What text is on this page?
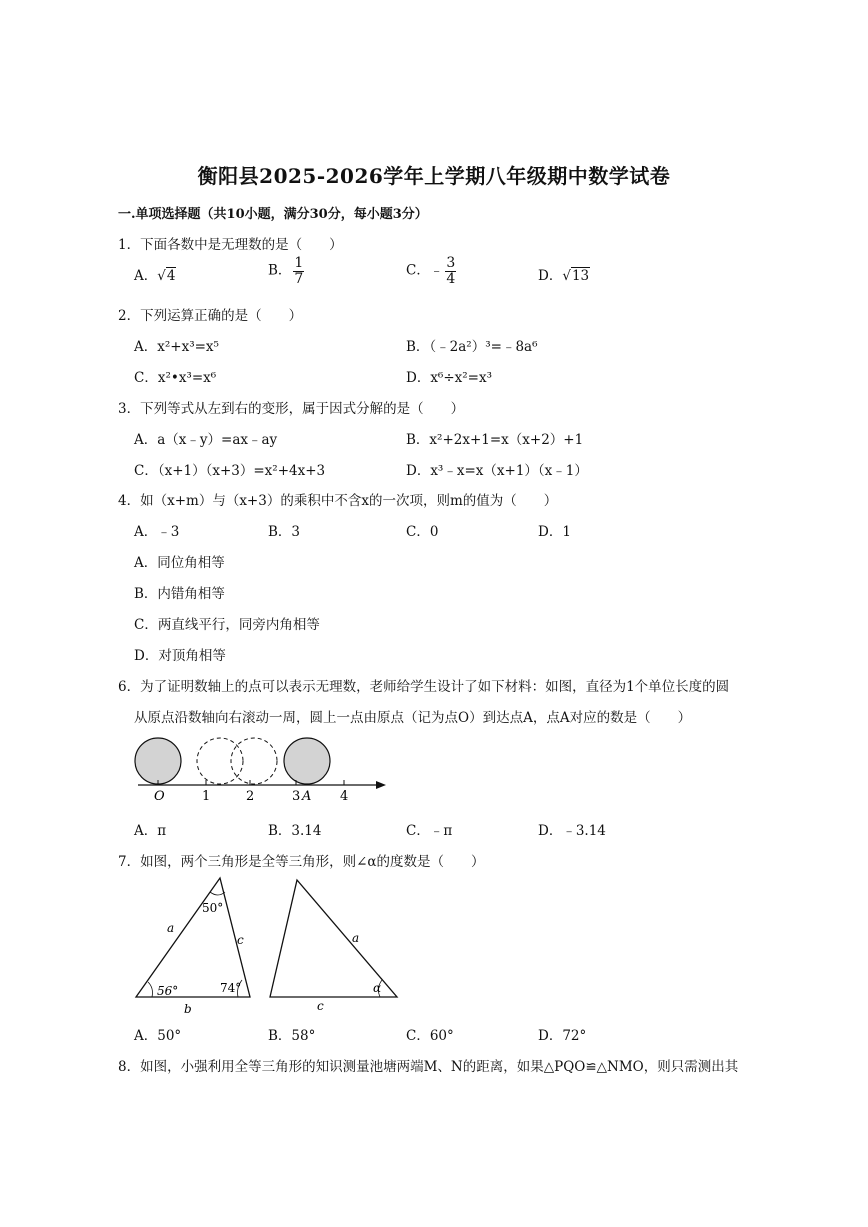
衡阳县2025-2026学年上学期八年级期中数学试卷
一.单项选择题（共10小题，满分30分，每小题3分）
1．下面各数中是无理数的是（　　）
A．√4	B． $\frac{1}{7}$	C．﹣ $\frac{3}{4}$	D．√13
2．下列运算正确的是（　　）
A．x²+x³=x⁵	B．（﹣2a²）³=﹣8a⁶
C．x²•x³=x⁶	D．x⁶÷x²=x³
3．下列等式从左到右的变形，属于因式分解的是（　　）
A．a（x﹣y）=ax﹣ay	B．x²+2x+1=x（x+2）+1
C．（x+1）（x+3）=x²+4x+3	D．x³﹣x=x（x+1）（x﹣1）
4．如（x+m）与（x+3）的乘积中不含x的一次项，则m的值为（　　）
A．﹣3	B．3	C．0	D．1
A．同位角相等
B．内错角相等
C．两直线平行，同旁内角相等
D．对顶角相等
6．为了证明数轴上的点可以表示无理数，老师给学生设计了如下材料：如图，直径为1个单位长度的圆
从原点沿数轴向右滚动一周，圆上一点由原点（记为点O）到达点A，点A对应的数是（　　）
O	1	2	3 A 4
A．π	B．3.14	C．﹣π	D．﹣3.14
7．如图，两个三角形是全等三角形，则∠α的度数是（　　）
50°
a
c
56°	74°
b
a
α
c
A．50°	B．58°	C．60°	D．72°
8．如图，小强利用全等三角形的知识测量池塘两端M、N的距离，如果△PQO≌△NMO，则只需测出其
